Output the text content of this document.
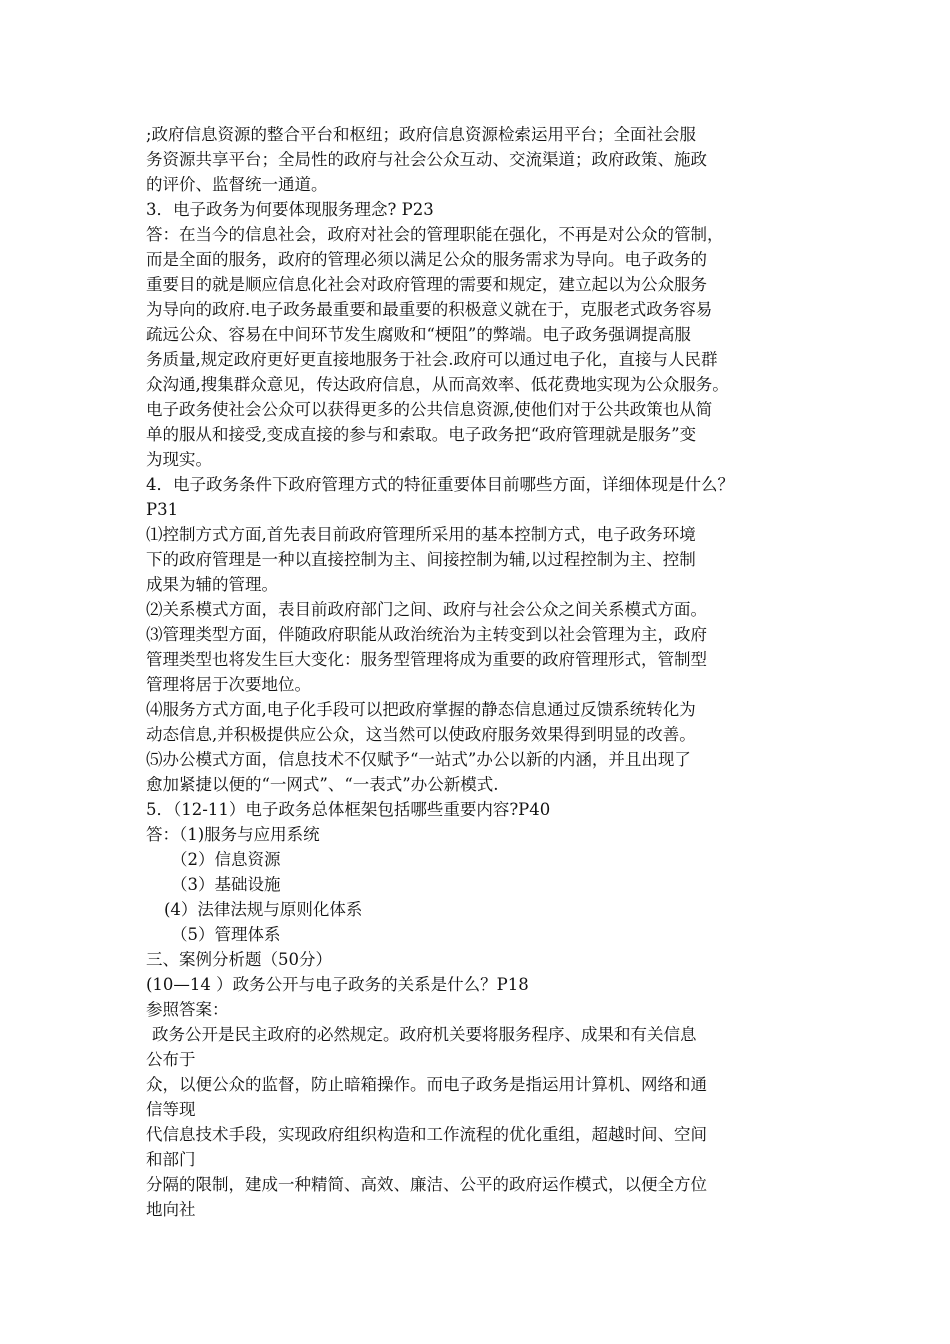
;政府信息资源的整合平台和枢纽；政府信息资源检索运用平台；全面社会服
务资源共享平台；全局性的政府与社会公众互动、交流渠道；政府政策、施政
的评价、监督统一通道。
3．电子政务为何要体现服务理念? P23
答：在当今的信息社会，政府对社会的管理职能在强化，不再是对公众的管制，
而是全面的服务，政府的管理必须以满足公众的服务需求为导向。电子政务的
重要目的就是顺应信息化社会对政府管理的需要和规定，建立起以为公众服务
为导向的政府.电子政务最重要和最重要的积极意义就在于，克服老式政务容易
疏远公众、容易在中间环节发生腐败和“梗阻”的弊端。电子政务强调提高服
务质量,规定政府更好更直接地服务于社会.政府可以通过电子化，直接与人民群
众沟通,搜集群众意见，传达政府信息，从而高效率、低花费地实现为公众服务。
电子政务使社会公众可以获得更多的公共信息资源,使他们对于公共政策也从简
单的服从和接受,变成直接的参与和索取。电子政务把“政府管理就是服务”变
为现实。
4．电子政务条件下政府管理方式的特征重要体目前哪些方面，详细体现是什么？
P31
⑴控制方式方面,首先表目前政府管理所采用的基本控制方式，电子政务环境
下的政府管理是一种以直接控制为主、间接控制为辅,以过程控制为主、控制
成果为辅的管理。
⑵关系模式方面，表目前政府部门之间、政府与社会公众之间关系模式方面。
⑶管理类型方面，伴随政府职能从政治统治为主转变到以社会管理为主，政府
管理类型也将发生巨大变化：服务型管理将成为重要的政府管理形式，管制型
管理将居于次要地位。
⑷服务方式方面,电子化手段可以把政府掌握的静态信息通过反馈系统转化为
动态信息,并积极提供应公众，这当然可以使政府服务效果得到明显的改善。
⑸办公模式方面，信息技术不仅赋予“一站式”办公以新的内涵，并且出现了
愈加紧捷以便的“一网式”、“一表式”办公新模式.
5．（12-11）电子政务总体框架包括哪些重要内容?P40
答：（1)服务与应用系统
（2）信息资源
（3）基础设施
(4）法律法规与原则化体系
（5）管理体系
三、案例分析题（50分）
(10—14 ）政务公开与电子政务的关系是什么？P18
参照答案：
政务公开是民主政府的必然规定。政府机关要将服务程序、成果和有关信息
公布于
众，以便公众的监督，防止暗箱操作。而电子政务是指运用计算机、网络和通
信等现
代信息技术手段，实现政府组织构造和工作流程的优化重组，超越时间、空间
和部门
分隔的限制，建成一种精简、高效、廉洁、公平的政府运作模式，以便全方位
地向社
